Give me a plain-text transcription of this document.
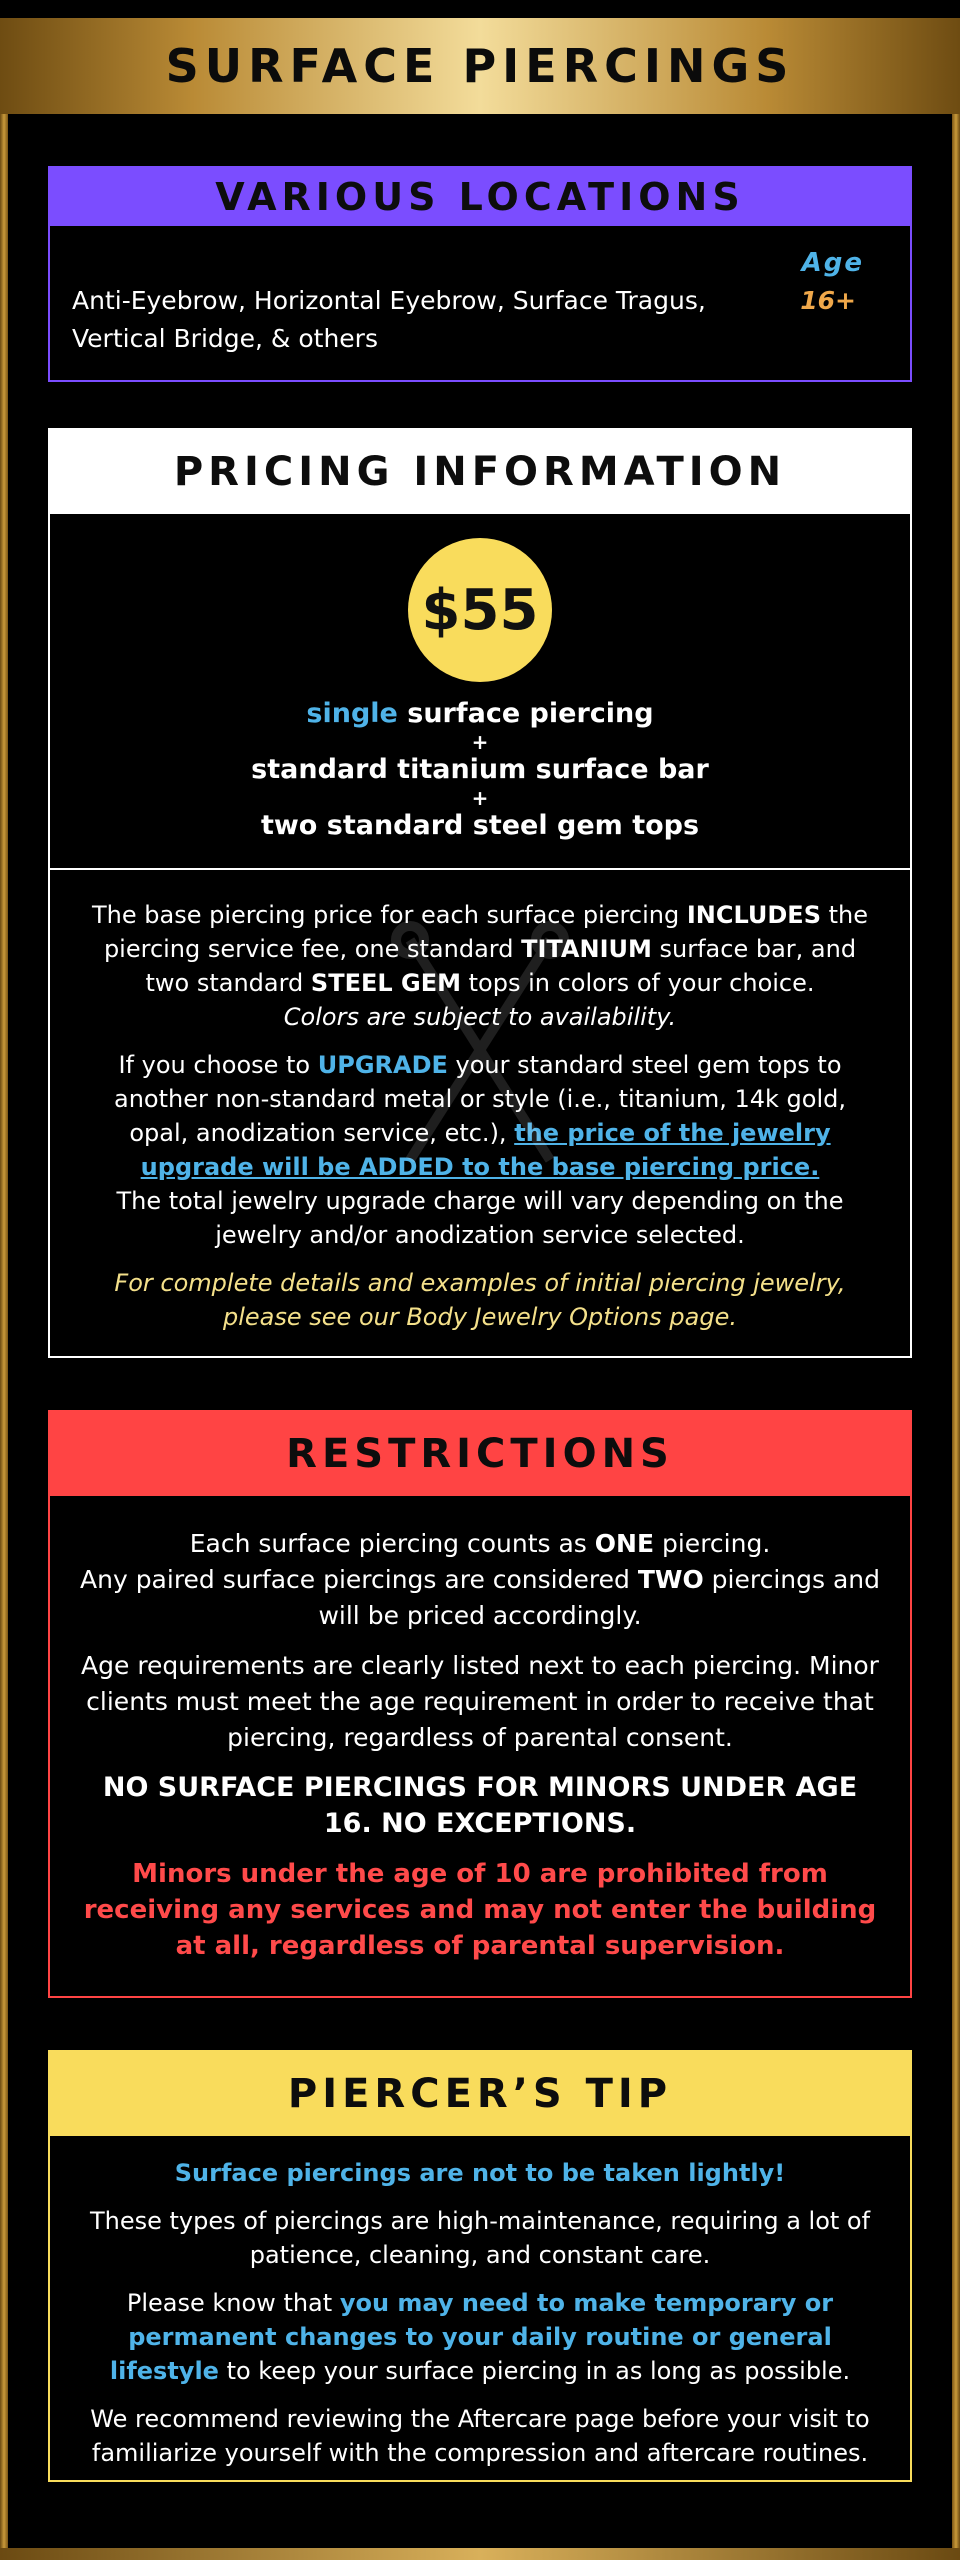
SURFACE PIERCINGS
VARIOUS LOCATIONS
Age
16+
Anti-Eyebrow, Horizontal Eyebrow, Surface Tragus,
Vertical Bridge, & others
PRICING INFORMATION
$55
single surface piercing
+
standard titanium surface bar
+
two standard steel gem tops

The base piercing price for each surface piercing INCLUDES the piercing service fee, one standard TITANIUM surface bar, and two standard STEEL GEM tops in colors of your choice.
Colors are subject to availability.

If you choose to UPGRADE your standard steel gem tops to another non-standard metal or style (i.e., titanium, 14k gold, opal, anodization service, etc.), the price of the jewelry upgrade will be ADDED to the base piercing price.
The total jewelry upgrade charge will vary depending on the jewelry and/or anodization service selected.

For complete details and examples of initial piercing jewelry, please see our Body Jewelry Options page.

RESTRICTIONS

Each surface piercing counts as ONE piercing.
Any paired surface piercings are considered TWO piercings and will be priced accordingly.

Age requirements are clearly listed next to each piercing. Minor clients must meet the age requirement in order to receive that piercing, regardless of parental consent.

NO SURFACE PIERCINGS FOR MINORS UNDER AGE 16. NO EXCEPTIONS.

Minors under the age of 10 are prohibited from receiving any services and may not enter the building at all, regardless of parental supervision.

PIERCER’S TIP

Surface piercings are not to be taken lightly!

These types of piercings are high-maintenance, requiring a lot of patience, cleaning, and constant care.

Please know that you may need to make temporary or permanent changes to your daily routine or general lifestyle to keep your surface piercing in as long as possible.

We recommend reviewing the Aftercare page before your visit to familiarize yourself with the compression and aftercare routines.
